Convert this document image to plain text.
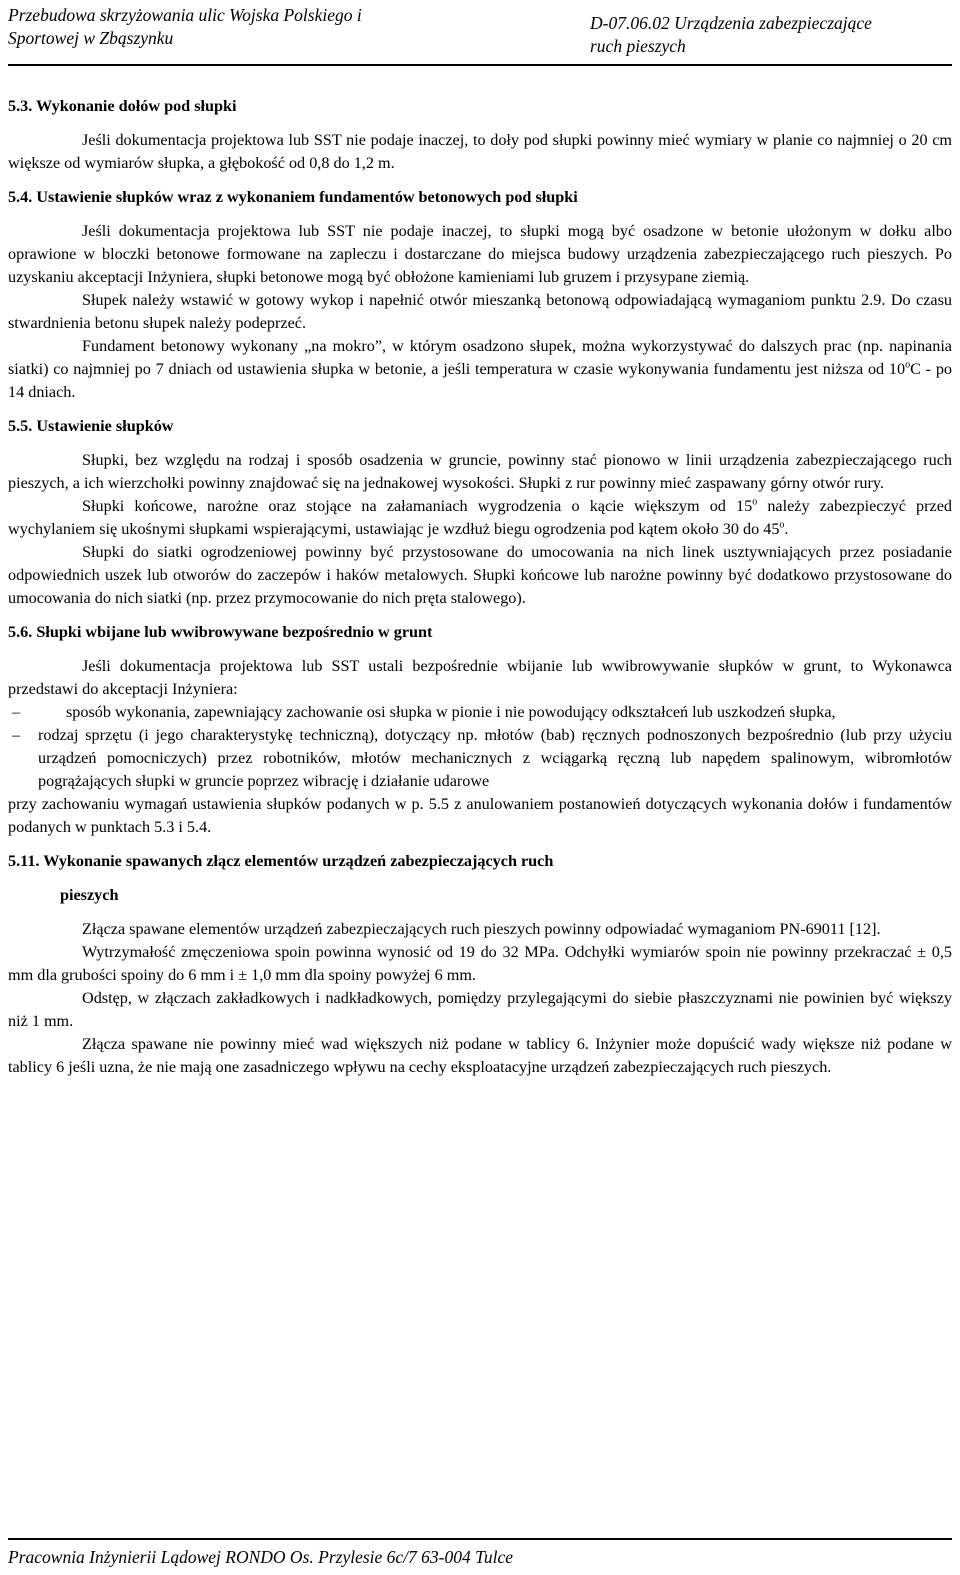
Przebudowa skrzyżowania ulic Wojska Polskiego i
Sportowej w Zbąszynku
D-07.06.02 Urządzenia zabezpieczające
ruch pieszych

5.3. Wykonanie dołów pod słupki

Jeśli dokumentacja projektowa lub SST nie podaje inaczej, to doły pod słupki powinny mieć wymiary w planie co najmniej o 20 cm większe od wymiarów słupka, a głębokość od 0,8 do 1,2 m.

5.4. Ustawienie słupków wraz z wykonaniem fundamentów betonowych pod słupki

Jeśli dokumentacja projektowa lub SST nie podaje inaczej, to słupki mogą być osadzone w betonie ułożonym w dołku albo oprawione w bloczki betonowe formowane na zapleczu i dostarczane do miejsca budowy urządzenia zabezpieczającego ruch pieszych. Po uzyskaniu akceptacji Inżyniera, słupki betonowe mogą być obłożone kamieniami lub gruzem i przysypane ziemią.

Słupek należy wstawić w gotowy wykop i napełnić otwór mieszanką betonową odpowiadającą wymaganiom punktu 2.9. Do czasu stwardnienia betonu słupek należy podeprzeć.

Fundament betonowy wykonany „na mokro”, w którym osadzono słupek, można wykorzystywać do dalszych prac (np. napinania siatki) co najmniej po 7 dniach od ustawienia słupka w betonie, a jeśli temperatura w czasie wykonywania fundamentu jest niższa od 10$^o$C - po 14 dniach.

5.5. Ustawienie słupków

Słupki, bez względu na rodzaj i sposób osadzenia w gruncie, powinny stać pionowo w linii urządzenia zabezpieczającego ruch pieszych, a ich wierzchołki powinny znajdować się na jednakowej wysokości. Słupki z rur powinny mieć zaspawany górny otwór rury.

Słupki końcowe, narożne oraz stojące na załamaniach wygrodzenia o kącie większym od 15$^o$ należy zabezpieczyć przed wychylaniem się ukośnymi słupkami wspierającymi, ustawiając je wzdłuż biegu ogrodzenia pod kątem około 30 do 45$^o$.

Słupki do siatki ogrodzeniowej powinny być przystosowane do umocowania na nich linek usztywniających przez posiadanie odpowiednich uszek lub otworów do zaczepów i haków metalowych. Słupki końcowe lub narożne powinny być dodatkowo przystosowane do umocowania do nich siatki (np. przez przymocowanie do nich pręta stalowego).

5.6. Słupki wbijane lub wwibrowywane bezpośrednio w grunt

Jeśli dokumentacja projektowa lub SST ustali bezpośrednie wbijanie lub wwibrowywanie słupków w grunt, to Wykonawca przedstawi do akceptacji Inżyniera:

–	sposób wykonania, zapewniający zachowanie osi słupka w pionie i nie powodujący odkształceń lub uszkodzeń słupka,
– rodzaj sprzętu (i jego charakterystykę techniczną), dotyczący np. młotów (bab) ręcznych podnoszonych bezpośrednio (lub przy użyciu urządzeń pomocniczych) przez robotników, młotów mechanicznych z wciągarką ręczną lub napędem spalinowym, wibromłotów pogrążających słupki w gruncie poprzez wibrację i działanie udarowe

przy zachowaniu wymagań ustawienia słupków podanych w p. 5.5 z anulowaniem postanowień dotyczących wykonania dołów i fundamentów podanych w punktach 5.3 i 5.4.

5.11. Wykonanie spawanych złącz elementów urządzeń zabezpieczających ruch

pieszych

Złącza spawane elementów urządzeń zabezpieczających ruch pieszych powinny odpowiadać wymaganiom PN-69011 [12].

Wytrzymałość zmęczeniowa spoin powinna wynosić od 19 do 32 MPa. Odchyłki wymiarów spoin nie powinny przekraczać ± 0,5 mm dla grubości spoiny do 6 mm i ± 1,0 mm dla spoiny powyżej 6 mm.

Odstęp, w złączach zakładkowych i nadkładkowych, pomiędzy przylegającymi do siebie płaszczyznami nie powinien być większy niż 1 mm.

Złącza spawane nie powinny mieć wad większych niż podane w tablicy 6. Inżynier może dopuścić wady większe niż podane w tablicy 6 jeśli uzna, że nie mają one zasadniczego wpływu na cechy eksploatacyjne urządzeń zabezpieczających ruch pieszych.

Pracownia Inżynierii Lądowej RONDO Os. Przylesie 6c/7 63-004 Tulce
